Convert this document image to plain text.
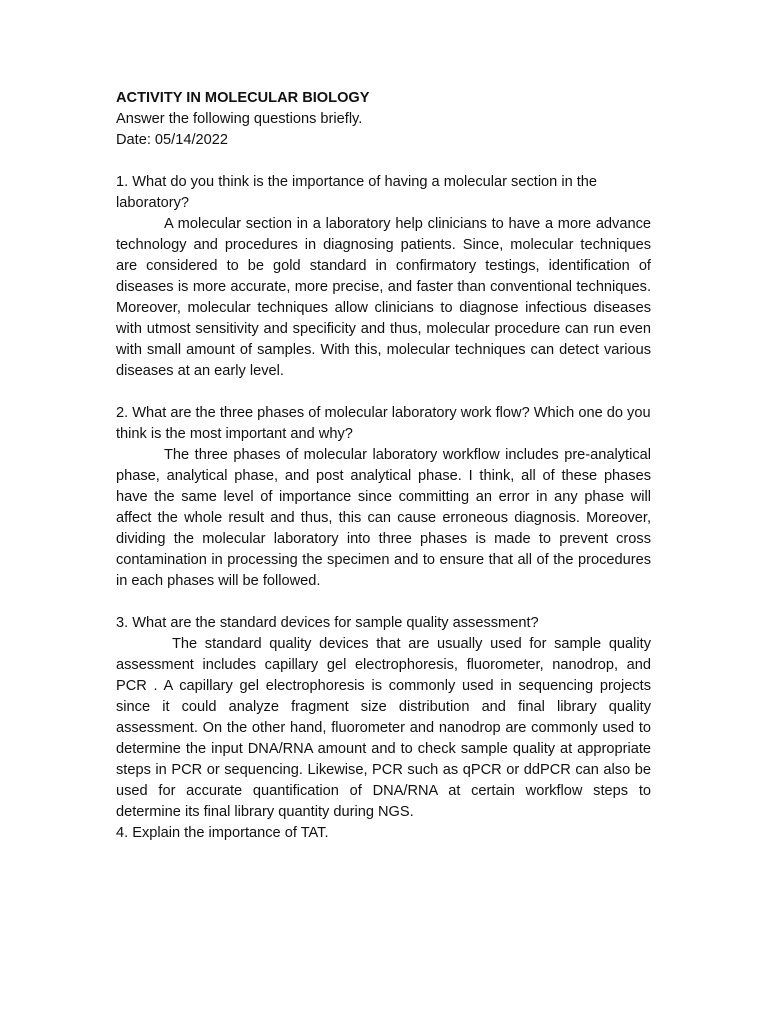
ACTIVITY IN MOLECULAR BIOLOGY

Answer the following questions briefly.

Date: 05/14/2022

1. What do you think is the importance of having a molecular section in the laboratory?

A molecular section in a laboratory help clinicians to have a more advance technology and procedures in diagnosing patients. Since, molecular techniques are considered to be gold standard in confirmatory testings, identification of diseases is more accurate, more precise, and faster than conventional techniques. Moreover, molecular techniques allow clinicians to diagnose infectious diseases with utmost sensitivity and specificity and thus, molecular procedure can run even with small amount of samples. With this, molecular techniques can detect various diseases at an early level.

2. What are the three phases of molecular laboratory work flow? Which one do you think is the most important and why?

The three phases of molecular laboratory workflow includes pre-analytical phase, analytical phase, and post analytical phase. I think, all of these phases have the same level of importance since committing an error in any phase will affect the whole result and thus, this can cause erroneous diagnosis. Moreover, dividing the molecular laboratory into three phases is made to prevent cross contamination in processing the specimen and to ensure that all of the procedures in each phases will be followed.

3. What are the standard devices for sample quality assessment?

The standard quality devices that are usually used for sample quality assessment includes capillary gel electrophoresis, fluorometer, nanodrop, and PCR . A capillary gel electrophoresis is commonly used in sequencing projects since it could analyze fragment size distribution and final library quality assessment. On the other hand, fluorometer and nanodrop are commonly used to determine the input DNA/RNA amount and to check sample quality at appropriate steps in PCR or sequencing. Likewise, PCR such as qPCR or ddPCR can also be used for accurate quantification of DNA/RNA at certain workflow steps to determine its final library quantity during NGS.

4. Explain the importance of TAT.
